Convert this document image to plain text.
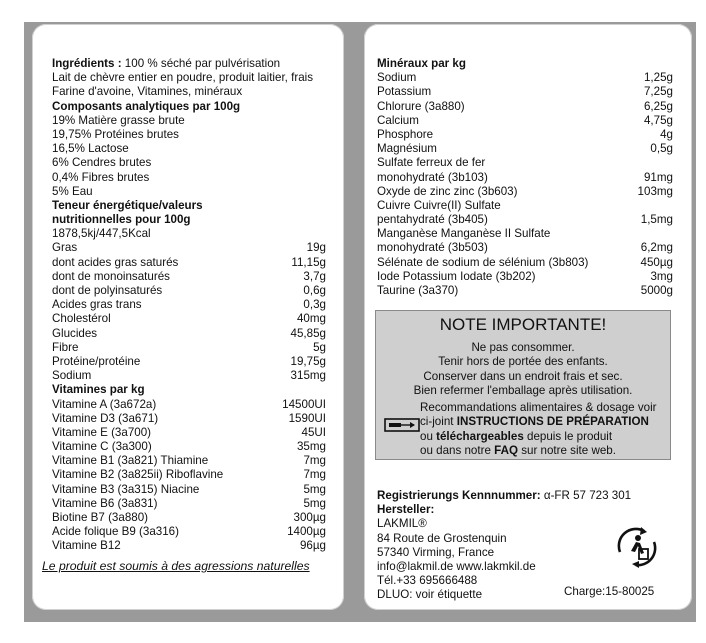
Ingrédients : 100 % séché par pulvérisation
Lait de chèvre entier en poudre, produit laitier, frais
Farine d'avoine, Vitamines, minéraux
Composants analytiques par 100g
19% Matière grasse brute
19,75% Protéines brutes
16,5% Lactose
6% Cendres brutes
0,4% Fibres brutes
5% Eau
Teneur énergétique/valeurs
nutritionnelles pour 100g
1878,5kj/447,5Kcal
Gras	19g
dont acides gras saturés	11,15g
dont de monoinsaturés	3,7g
dont de polyinsaturés	0,6g
Acides gras trans	0,3g
Cholestérol	40mg
Glucides	45,85g
Fibre	5g
Protéine/protéine	19,75g
Sodium	315mg
Vitamines par kg
Vitamine A (3a672a)	14500UI
Vitamine D3 (3a671)	1590UI
Vitamine E (3a700)	45UI
Vitamine C (3a300)	35mg
Vitamine B1 (3a821) Thiamine	7mg
Vitamine B2 (3a825ii) Riboflavine	7mg
Vitamine B3 (3a315) Niacine	5mg
Vitamine B6 (3a831)	5mg
Biotine B7 (3a880)	300µg
Acide folique B9 (3a316)	1400µg
Vitamine B12	96µg
Le produit est soumis à des agressions naturelles
Minéraux par kg
Sodium	1,25g
Potassium	7,25g
Chlorure (3a880)	6,25g
Calcium	4,75g
Phosphore	4g
Magnésium	0,5g
Sulfate ferreux de fer
monohydraté (3b103)	91mg
Oxyde de zinc zinc (3b603)	103mg
Cuivre Cuivre(II) Sulfate
pentahydraté (3b405)	1,5mg
Manganèse Manganèse II Sulfate
monohydraté (3b503)	6,2mg
Sélénate de sodium de sélénium (3b803)	450µg
Iode Potassium Iodate (3b202)	3mg
Taurine (3a370)	5000g
NOTE IMPORTANTE!
Ne pas consommer.
Tenir hors de portée des enfants.
Conserver dans un endroit frais et sec.
Bien refermer l'emballage après utilisation.
Recommandations alimentaires & dosage voir
ci-joint INSTRUCTIONS DE PRÉPARATION
ou téléchargeables depuis le produit
ou dans notre FAQ sur notre site web.
Registrierungs Kennnummer: α-FR 57 723 301
Hersteller:
LAKMIL®
84 Route de Grostenquin
57340 Virming, France
info@lakmil.de www.lakmkil.de
Tél.+33 695666488
DLUO: voir étiquette	Charge:15-80025
